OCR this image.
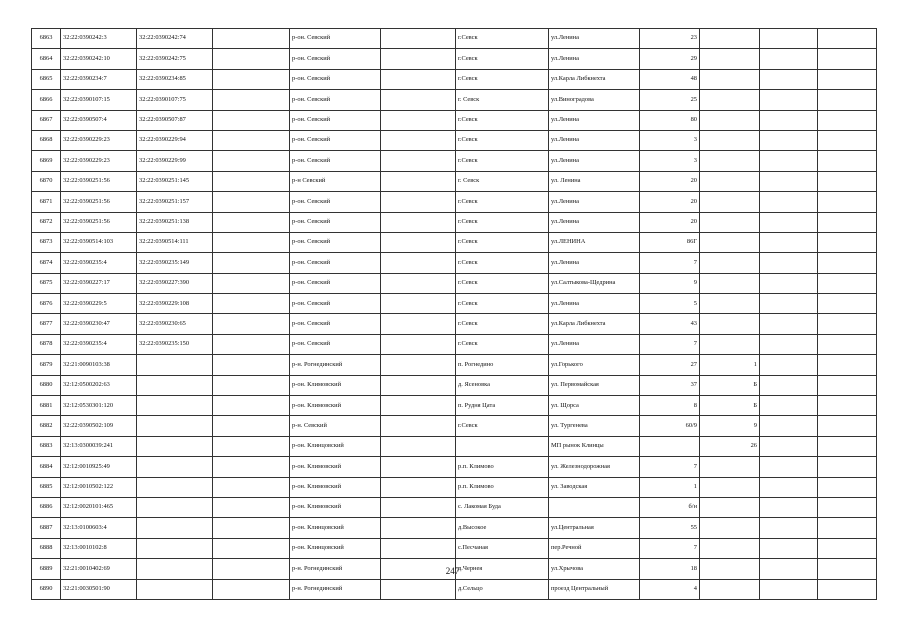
6863	32:22:0390242:3	32:22:0390242:74		р-он. Севский		г.Севск	ул.Ленина	23			
6864	32:22:0390242:10	32:22:0390242:75		р-он. Севский		г.Севск	ул.Ленина	29			
6865	32:22:0390234:7	32:22:0390234:85		р-он. Севский		г.Севск	ул.Карла Либкнехта	48			
6866	32:22:0390107:15	32:22:0390107:75		р-он. Севский		г. Севск	ул.Виноградова	25			
6867	32:22:0390507:4	32:22:0390507:87		р-он. Севский		г.Севск	ул.Ленина	80			
6868	32:22:0390229:23	32:22:0390229:94		р-он. Севский		г.Севск	ул.Ленина	3			
6869	32:22:0390229:23	32:22:0390229:99		р-он. Севский		г.Севск	ул.Ленина	3			
6870	32:22:0390251:56	32:22:0390251:145		р-н Севский		г. Севск	ул. Ленина	20			
6871	32:22:0390251:56	32:22:0390251:157		р-он. Севский		г.Севск	ул.Ленина	20			
6872	32:22:0390251:56	32:22:0390251:138		р-он. Севский		г.Севск	ул.Ленина	20			
6873	32:22:0390514:103	32:22:0390514:111		р-он. Севский		г.Севск	ул.ЛЕНИНА	86Г			
6874	32:22:0390235:4	32:22:0390235:149		р-он. Севский		г.Севск	ул.Ленина	7			
6875	32:22:0390227:17	32:22:0390227:390		р-он. Севский		г.Севск	ул.Салтыкова-Щедрина	9			
6876	32:22:0390229:5	32:22:0390229:108		р-он. Севский		г.Севск	ул.Ленина	5			
6877	32:22:0390230:47	32:22:0390230:65		р-он. Севский		г.Севск	ул.Карла Либкнехта	43			
6878	32:22:0390235:4	32:22:0390235:150		р-он. Севский		г.Севск	ул.Ленина	7			
6879	32:21:0090103:38			р-н. Рогнединский		п. Рогнедино	ул.Горького	27	1		
6880	32:12:0500202:63			р-он. Климовский		д. Ясеновка	ул. Первомайская	37	Б		
6881	32:12:0530301:120			р-он. Климовский		п. Рудня Цата	ул. Щорса	8	Б		
6882	32:22:0390502:109			р-н. Севский		г.Севск	ул. Тургенева	60/9	9		
6883	32:13:0300039:241			р-он. Клинцовский			МП рынок Клинцы		26		
6884	32:12:0010925:49			р-он. Климовский		р.п. Климово	ул. Железнодорожная	7			
6885	32:12:0010502:122			р-он. Климовский		р.п. Климово	ул. Заводская	1			
6886	32:12:0020101:465			р-он. Климовский		с. Лакомая Буда		б/н			
6887	32:13:0100603:4			р-он. Клинцовский		д.Высокое	ул.Центральная	55			
6888	32:13:0010102:8			р-он. Клинцовский		с.Песчаная	пер.Речной	7			
6889	32:21:0010402:69			р-н. Рогнединский		д.Чернея	ул.Хрычова	18			
6890	32:21:0030501:90			р-н. Рогнединский		д.Сельцо	проезд Центральный	4			
247
